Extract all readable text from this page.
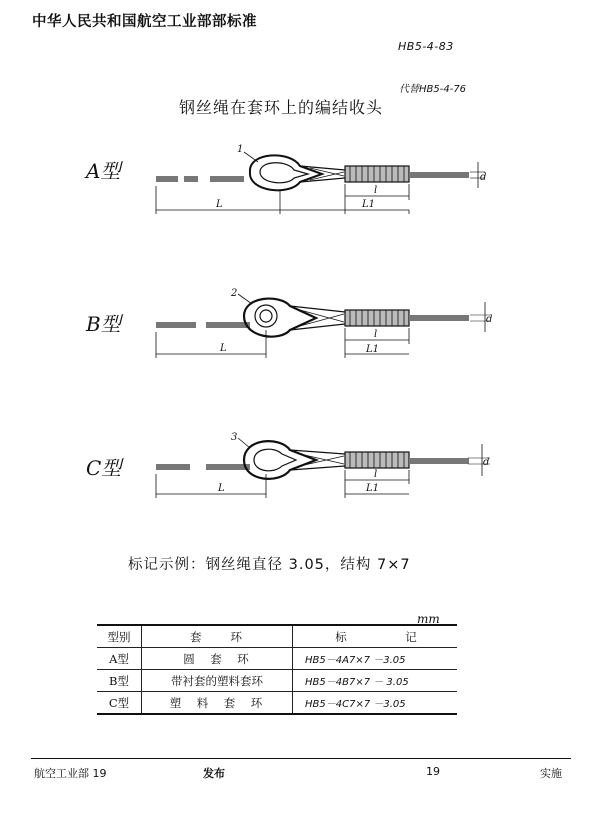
中华人民共和国航空工业部部标准
HB5-4-83
代替HB5-4-76
钢丝绳在套环上的编结收头
A型
1
L
l
L1
d
B型
2
L
l
L1
d
C型
3
L
l
L1
d
标记示例：钢丝绳直径 3.05，结构 7×7
mm
型别	套　　环	标　　　记
A型	圆　套　环	HB5－4A7×7 －3.05
B型	带衬套的塑料套环	HB5－4B7×7 － 3.05
C型	塑　料　套　环	HB5－4C7×7 －3.05
航空工业部 19	发布	19	实施
